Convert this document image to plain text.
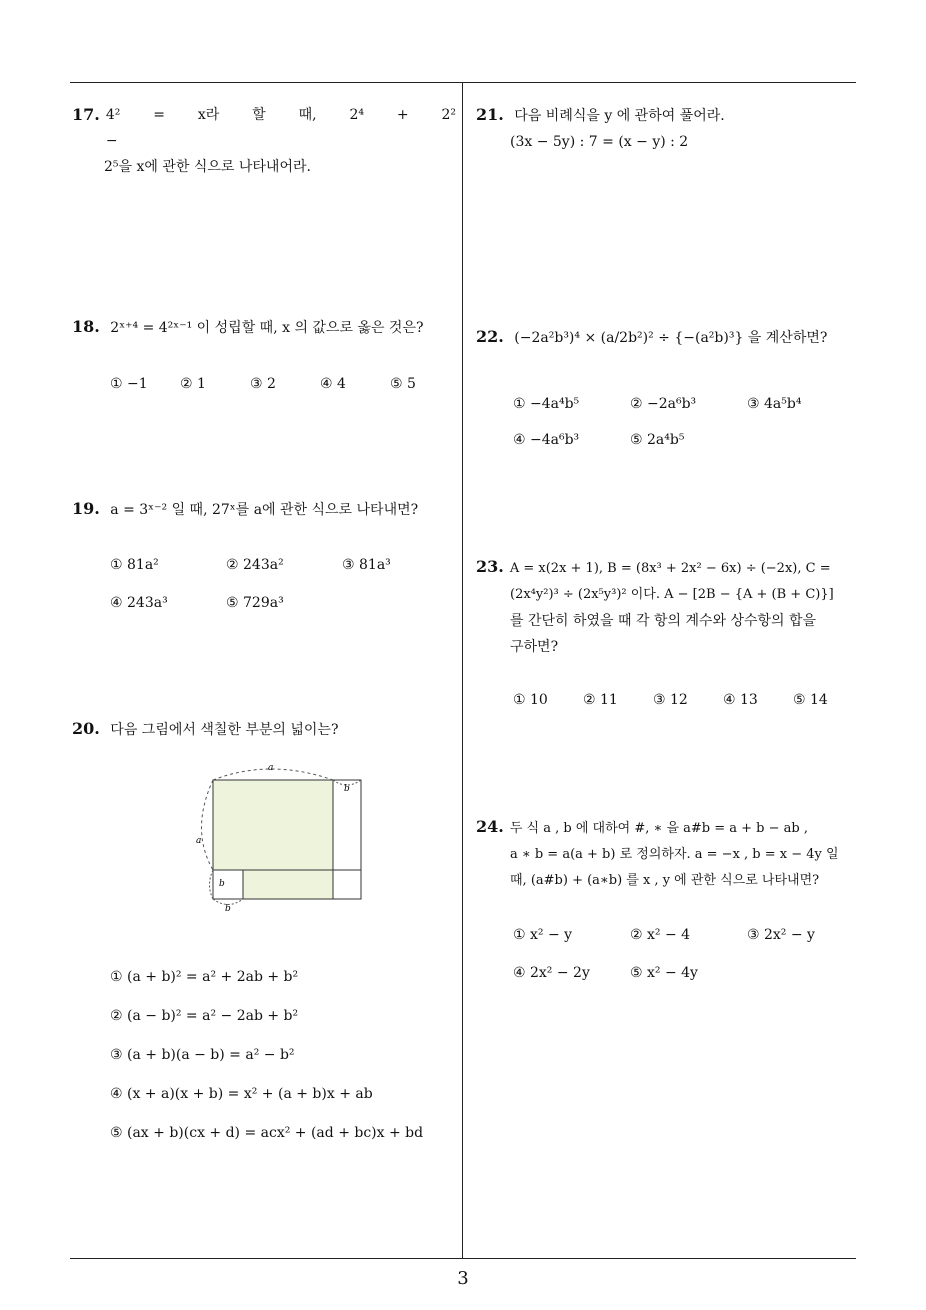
17. 4² = x라 할 때, 2⁴ + 2² −
2⁵을 x에 관한 식으로 나타내어라.
18. 2ˣ⁺⁴ = 4²ˣ⁻¹ 이 성립할 때, x 의 값으로 옳은 것은?
① −1 ② 1	③ 2	④ 4	⑤ 5
19. a = 3ˣ⁻² 일 때, 27ˣ를 a에 관한 식으로 나타내면?
① 81a²	② 243a²	③ 81a³
④ 243a³	⑤ 729a³
20. 다음 그림에서 색칠한 부분의 넓이는?
a
b
a
b
b
① (a + b)² = a² + 2ab + b²
② (a − b)² = a² − 2ab + b²
③ (a + b)(a − b) = a² − b²
④ (x + a)(x + b) = x² + (a + b)x + ab
⑤ (ax + b)(cx + d) = acx² + (ad + bc)x + bd
21. 다음 비례식을 y 에 관하여 풀어라.
(3x − 5y) : 7 = (x − y) : 2
22. (−2a²b³)⁴ × (a/2b²)² ÷ {−(a²b)³} 을 계산하면?
① −4a⁴b⁵	② −2a⁶b³	③ 4a⁵b⁴
④ −4a⁶b³	⑤ 2a⁴b⁵
23. A = x(2x + 1), B = (8x³ + 2x² − 6x) ÷ (−2x), C =
(2x⁴y²)³ ÷ (2x⁵y³)² 이다. A − [2B − {A + (B + C)}]
를 간단히 하였을 때 각 항의 계수와 상수항의 합을
구하면?
① 10	② 11	③ 12	④ 13	⑤ 14
24. 두 식 a , b 에 대하여 #, ∗ 을 a#b = a + b − ab ,
a ∗ b = a(a + b) 로 정의하자. a = −x , b = x − 4y 일
때, (a#b) + (a∗b) 를 x , y 에 관한 식으로 나타내면?
① x² − y	② x² − 4	③ 2x² − y
④ 2x² − 2y	⑤ x² − 4y
3
